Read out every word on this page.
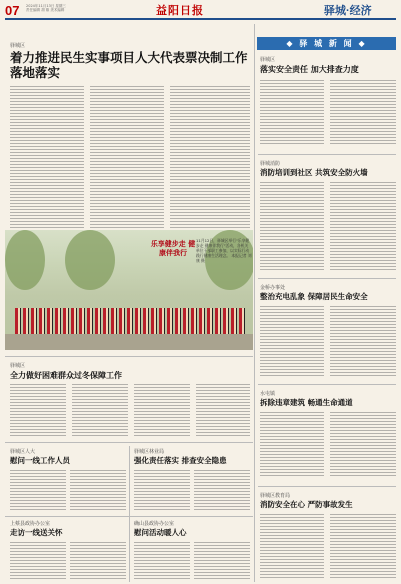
07 2024年11月13日 星期三
责任编辑 胡 雄 美术编辑	益阳日报	驿城·经济
驿城区
着力推进民生实事项目人大代表票决制工作落地落实
◆ 驿 城 新 闻 ◆
驿城区
落实安全责任 加大排查力度
驿城消防
消防培训到社区 共筑安全防火墙
金桥办事处
整治充电乱象 保障居民生命安全
水屯镇
拆除违章建筑 畅通生命通道
驿城区教育局
消防安全在心 严防事故发生
乐享健步走 健康伴我行
11月12日，驿城区举行"乐享健步走 健康伴我行"活动，各机关单位干部职工参加，以实际行动践行健康生活理念。 本报记者 刘康 摄
驿城区
全力做好困难群众过冬保障工作
驿城区人大
慰问一线工作人员
驿城区林业局
强化责任落实 排查安全隐患
上蔡县政协办公室
走访一线送关怀
确山县政协办公室
慰问活动暖人心
